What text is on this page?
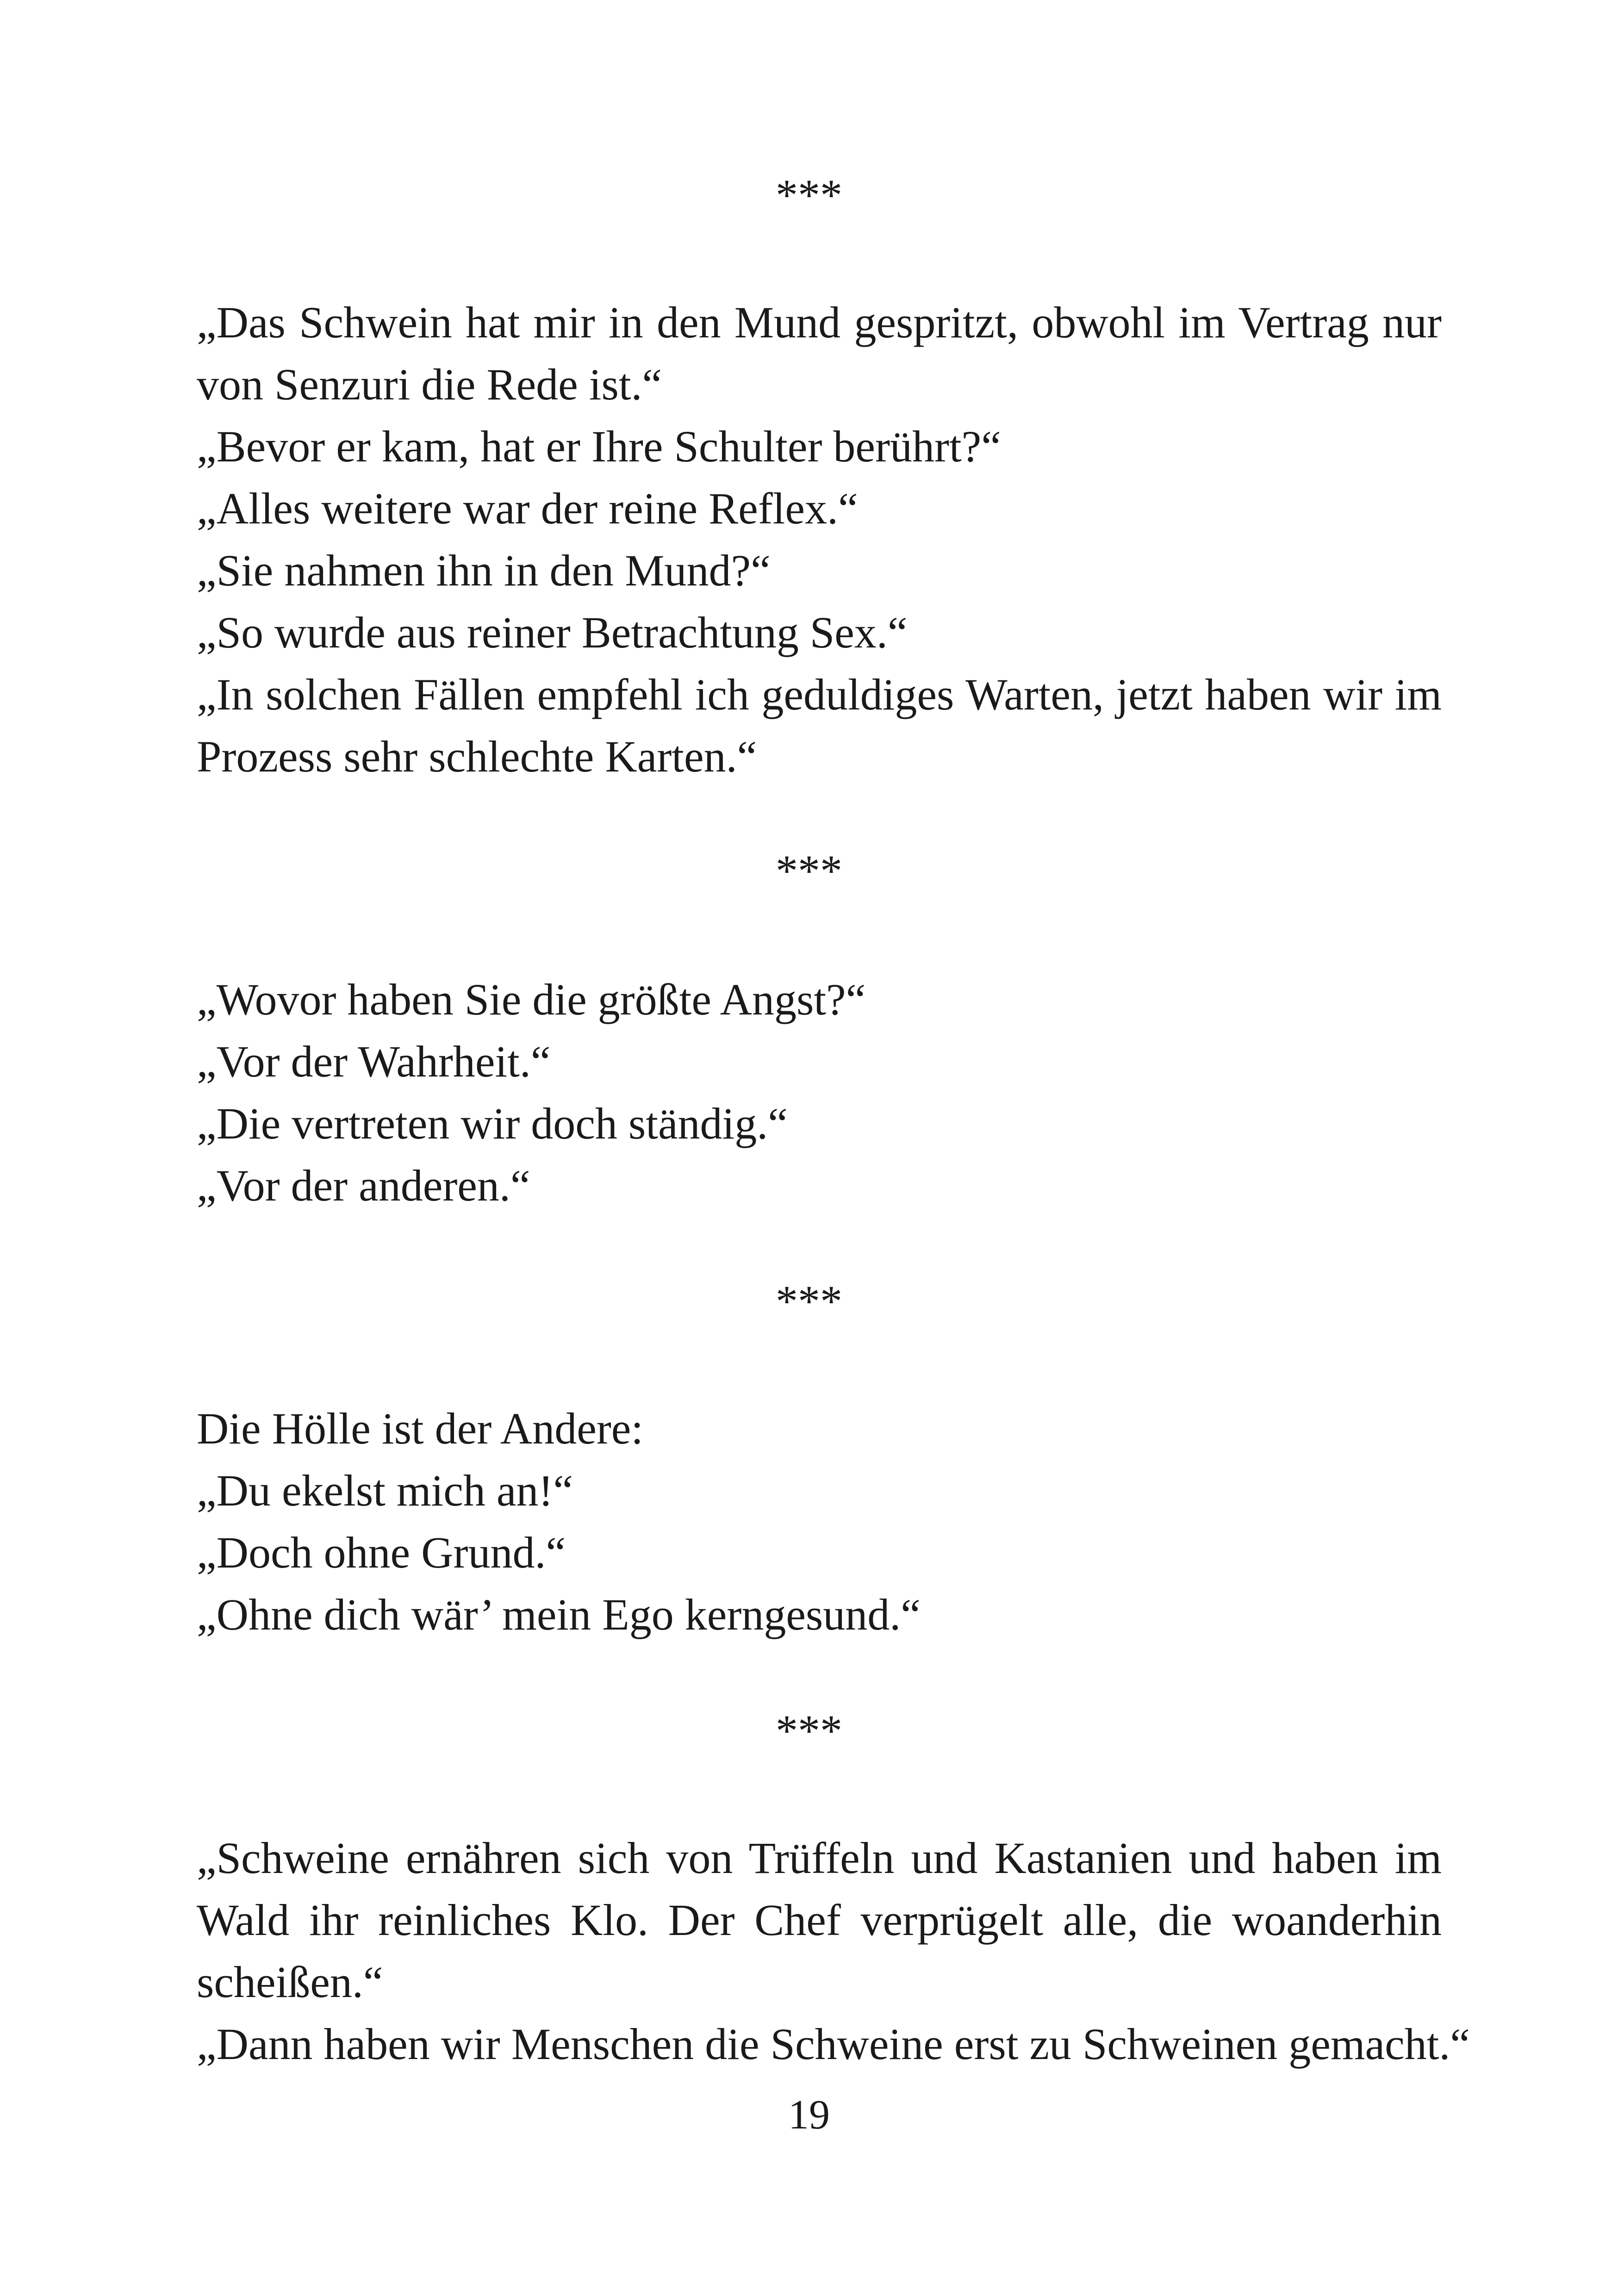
***

„Das Schwein hat mir in den Mund gespritzt, obwohl im Vertrag nur von Senzuri die Rede ist.“
„Bevor er kam, hat er Ihre Schulter berührt?“
„Alles weitere war der reine Reflex.“
„Sie nahmen ihn in den Mund?“
„So wurde aus reiner Betrachtung Sex.“
„In solchen Fällen empfehl ich geduldiges Warten, jetzt haben wir im Prozess sehr schlechte Karten.“

***

„Wovor haben Sie die größte Angst?“
„Vor der Wahrheit.“
„Die vertreten wir doch ständig.“
„Vor der anderen.“

***

Die Hölle ist der Andere:
„Du ekelst mich an!“
„Doch ohne Grund.“
„Ohne dich wär’ mein Ego kerngesund.“

***

„Schweine ernähren sich von Trüffeln und Kastanien und haben im Wald ihr reinliches Klo. Der Chef verprügelt alle, die woanderhin scheißen.“
„Dann haben wir Menschen die Schweine erst zu Schweinen gemacht.“

19
